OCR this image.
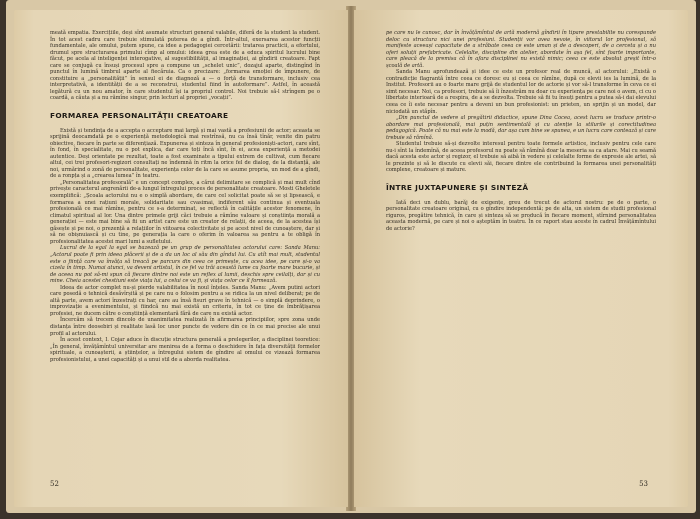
meată empatia. Exercițiile, deși sînt asumate structuri general valabile, diferă de la student la student. În tot acest cadru care trebuie stimulată puterea de a gîndi. Într-altul, exersarea acestor funcții fundamentale, ale omului, putem spune, ca idee a pedagogiei cercetării: tratarea practicii, a efortului, drumul spre structurarea primului cîmp al omului: ideea grea este de a educa spiritul lucrului bine făcut, pe acela al inteligenței interogative, al sugestibilității, al imaginației, ai gîndirii creatoare. Fapt care se conjugă cu însuși procesul spre a compune un „schelet unic”, dozajul aparte, distingînd în punctul în lumină timbrul aparte al fiecăruia. Ca o precizare: „formarea emoției de împunere, de constituire a „personalității” în sensul ei de diagnoză a — o forță de transformare, inclusiv cea interpretativă, a identității de a se reconstrui, studentul fiind în autoformare”. Astfel, în această legătură cu un nou amator, în care studentul își ia propriul control. Noi trebuie să-l strîngem pe o coardă, a căuta și a nu rămîne singur, prin lecturi al propriei „vocații”.

FORMAREA PERSONALITĂŢII CREATOARE

Există și tendința de a accepta o acceptare mai largă și mai vastă a profesiunii de actor; aceasta se sprijină deocamdată pe o experiență metodologică mai restrînsă, nu ca însă tînăr, venite din patru obiective, fiecare în parte se diferențiază. Expunerea și sinteza în general profesioniști-actori, care sînt, în fond, în specialitate, nu o pot explica, dar care toți încă sînt, în ei, acea experiență a metodei autentice. Deși orientate pe rezultat, toate a fost examinate a tipului extrem de cultivat, cum fiecare altul, cei trei profesori-regizori consultați ne îndemnă în ritm la orice fel de dialog, de la distanță, ale noi, urmărind o zonă de personalitate, experiența celor de la care se asume propria, un mod de a gîndi, de a ronpța și a „crearea lumea” în teatru.

„Personalitatea profesorală” e un concept complex, a cărui delimitare se complică și mai mult cînd privește caracterul angrenării de-a lungul întregului proces de personalitate creatoare. Mosti Gheletele exemplifică: „Școala actorului nu e o simplă abordare, de care cel solicitat poate să se și lipsească, e formarea a unei rațiuni morale, solidaritate sau cvasimai, indiferent său continua și eventuala profesională ce mai rămîne, pentru ce s-a determinat, se reflectă în calitățile acestor fenomene, în climatul spiritual al lor. Una dintre primele griji căci trebuie a rămîne valoare și conștiința morală a generației — este mai bine să fii un artist care este un creator de relații, de aceea, de la acestea își găsește și pe noi, o prezență a relațiilor în viitoarea colectivitate și pe acest nivel de cunoaștere, dar și să ne obișnuiască și cu tine, pe generația la care o oferim în valoarea sa pentru a te obligă în profesionalitatea acestei mari lumi a sufletului.

Lucrul de la egal la egal se bazează pe un grup de personalitatea actorului care: Sanda Manu: „Actorul poate fi prin ideea plăcerii și de a da un loc al său din gîndul lui. Cu atît mai mult, studentul este o ființă care va învăța să treacă pe parcurs din ceea ce primește, cu acea idee, pe care și-o va cizela în timp. Numai atunci, va deveni artistul, în ce fel va trăi această lume cu foarte mare bucurie, și de aceea nu pot să-mi spun că fiecare dintre noi este un reflex al lumii, deschis spre ceilalți, dar și cu mine. Cheia acestei chestiuni este viața lui, a celui ce va fi, și viața celor ce îl formează.

Ideea de actor complet nu-și pierde valabilitatea în noul înțeles. Sanda Manu: „Avem putini actori care posedă o tehnică desăvîrșită și pe care nu o folosim pentru a se ridica la un nivel deliberat; pe de altă parte, avem actori înzestrați cu har, care au însă fisuri grave în tehnică — o simplă deprindere, o improvizație a evenimentului, și fiindcă nu mai există un criteriu, în tot ce ține de îmbrățișarea profesiei, ne ducem către o conștiință elementară fără de care nu există actor.

Încercăm să trecem dincolo de unanimitatea realizată în afirmarea principiilor, spre zona unde distanța între deosebiri și realitate lasă loc unor puncte de vedere din ce în ce mai precise ale unui profil al actorului.

În acest context, I. Cojar aduce în discuție structura generală a prelegerilor, a disciplinei teoretice: „În general, învățămîntul universitar are menirea de a forma o deschidere în fața diversității formelor spirituale, a cunoașterii, a științelor, a întregului sistem de gîndire al omului ce vizează formarea profesionistului, a unei capacități și a unui stil de a aborda realitatea.

52

pe care nu le cunosc, dar în învățămîntul de artă modernă gîndirii în tipare prestabilite nu corespunde deloc cu structura nici unei profesiuni. Studenții vor avea nevoie, în viitorul lor profesional, să manifeste aceeași capacitate de a străbate ceea ce este uman și de a descoperi, de a cerceta și a nu oferi soluții prefabricate. Celelalte, discipline din atelier, abordate în așa fel, sînt foarte importante, care pleacă de la premisa că în afara disciplinei nu există nimic; ceea ce este absolut greșit într-o școală de artă.

Sanda Manu aprofundează și idee ce este un profesor real de muncă, al actorului: „Există o contradicție flagrantă între ceea ce doresc eu și ceea ce rămîne, după ce elevii ies la lumină, de la Institut. Profesorii au o foarte mare grijă de studentul lor de actorie și vor să-l transforme în ceva ce ei simt necesar. Noi, ca profesori, trebuie să îi înzestrăm nu doar cu experiența pe care noi o avem, ci cu o libertate interioară de a respira, de a se dezvolta. Trebuie să fii tu însuți pentru a putea să-i dai elevului ceea ce îi este necesar pentru a deveni un bun profesionist: un prieten, un sprijin și un model, dar niciodată un stăpîn.

„Din punctul de vedere al pregătirii didactice, spune Dina Cocea, acest lucru se traduce printr-o abordare mai profesională, mai puțin sentimentală și cu atenție la stilurile și corectitudinea pedagogică. Poate că nu mai este la modă, dar așa cum bine se spunea, e un lucru care contează și care trebuie să rămînă.

Studentul trebuie să-și dezvolte interesul pentru toate formele artistice, inclusiv pentru cele care nu-i sînt la îndemînă, de aceea profesorul nu poate să rămînă doar la meseria sa ca atare. Mai cu seamă dacă acesta este actor și regizor, el trebuie să aibă în vedere și celelalte forme de expresie ale artei, să le prezinte și să le discute cu elevii săi, fiecare dintre ele contribuind la formarea unei personalități complexe, creatoare și mature.

ÎNTRE JUXTAPUNERE ȘI SINTEZĂ

Iată deci un dublu, barăj de exigențe, greu de trecut de actorul nostru: pe de o parte, o personalitate creatoare original, cu o gîndire independentă; pe de alta, un sistem de studii profesional riguros, pregătire tehnică, în care și sinteza să se producă în fiecare moment, stîrnind personalitatea aceasta modernă, pe care și noi o așteptăm în teatru. În ce raport stau aceste în cadrul Învățămîntului de actorie?

53
